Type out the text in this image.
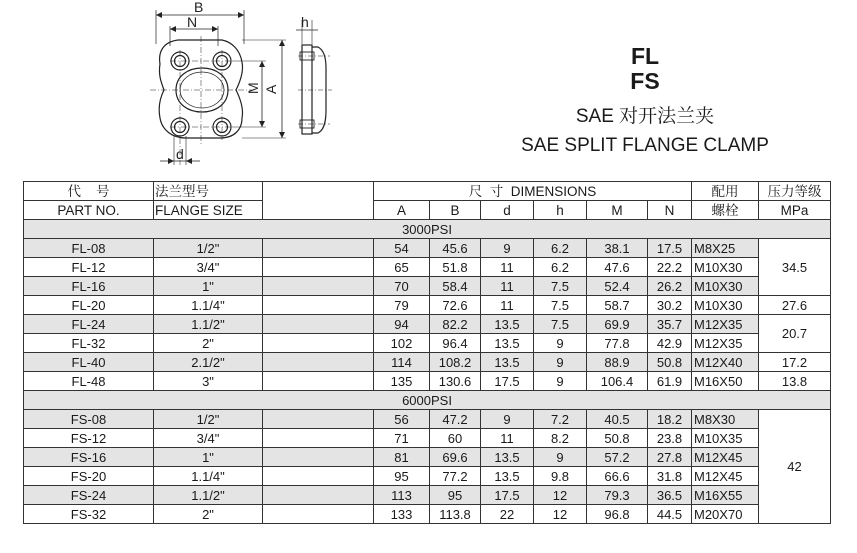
B
N	h
M A
d
FL
FS
SAE 对开法兰夹
SAE SPLIT FLANGE CLAMP
代    号	法兰型号		尺  寸  DIMENSIONS						配用	压力等级
PART NO.	FLANGE SIZE		A	B	d	h	M	N	螺栓	MPa
3000PSI										
FL-08	1/2"		54	45.6	9	6.2	38.1	17.5	M8X25	34.5
FL-12	3/4"		65	51.8	11	6.2	47.6	22.2	M10X30	
FL-16	1"		70	58.4	11	7.5	52.4	26.2	M10X30	
FL-20	1.1/4"		79	72.6	11	7.5	58.7	30.2	M10X30	27.6
FL-24	1.1/2"		94	82.2	13.5	7.5	69.9	35.7	M12X35	20.7
FL-32	2"		102	96.4	13.5	9	77.8	42.9	M12X35	
FL-40	2.1/2"		114	108.2	13.5	9	88.9	50.8	M12X40	17.2
FL-48	3"		135	130.6	17.5	9	106.4	61.9	M16X50	13.8
6000PSI										
FS-08	1/2"		56	47.2	9	7.2	40.5	18.2	M8X30	42
FS-12	3/4"		71	60	11	8.2	50.8	23.8	M10X35	
FS-16	1"		81	69.6	13.5	9	57.2	27.8	M12X45	
FS-20	1.1/4"		95	77.2	13.5	9.8	66.6	31.8	M12X45	
FS-24	1.1/2"		113	95	17.5	12	79.3	36.5	M16X55	
FS-32	2"		133	113.8	22	12	96.8	44.5	M20X70	
